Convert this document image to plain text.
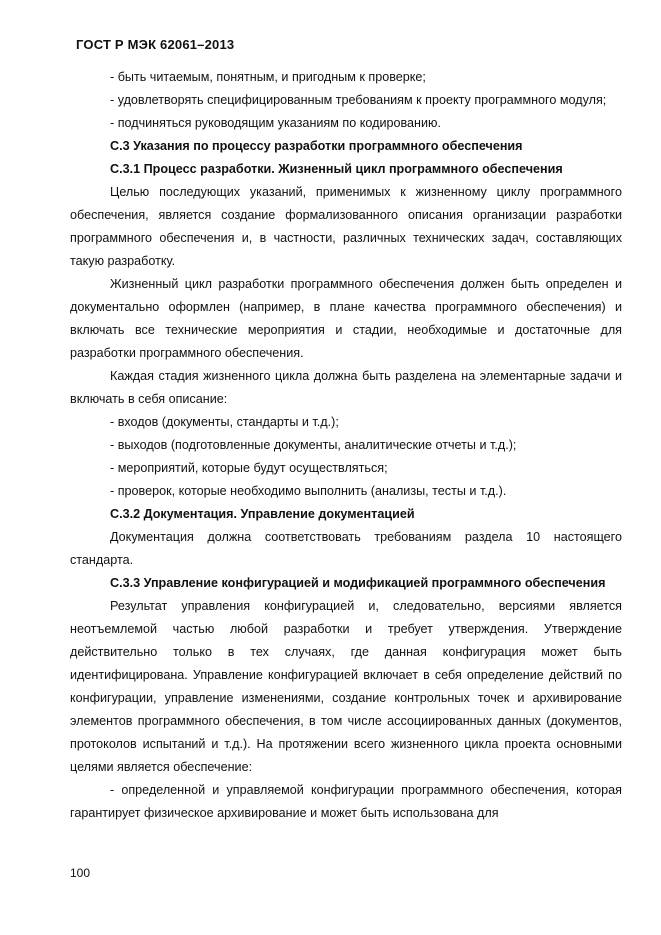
ГОСТ Р МЭК 62061–2013

- быть читаемым, понятным, и пригодным к проверке;

- удовлетворять специфицированным требованиям к проекту программного модуля;

- подчиняться руководящим указаниям по кодированию.

С.3 Указания по процессу разработки программного обеспечения
С.3.1 Процесс разработки. Жизненный цикл программного обеспечения

Целью последующих указаний, применимых к жизненному циклу программного обеспечения, является создание формализованного описания организации разработки программного обеспечения и, в частности, различных технических задач, составляющих такую разработку.

Жизненный цикл разработки программного обеспечения должен быть определен и документально оформлен (например, в плане качества программного обеспечения) и включать все технические мероприятия и стадии, необходимые и достаточные для разработки программного обеспечения.

Каждая стадия жизненного цикла должна быть разделена на элементарные задачи и включать в себя описание:

- входов (документы, стандарты и т.д.);

- выходов (подготовленные документы, аналитические отчеты и т.д.);

- мероприятий, которые будут осуществляться;

- проверок, которые необходимо выполнить (анализы, тесты и т.д.).

С.3.2 Документация. Управление документацией

Документация должна соответствовать требованиям раздела 10 настоящего стандарта.

С.3.3 Управление конфигурацией и модификацией программного обеспечения

Результат управления конфигурацией и, следовательно, версиями является неотъемлемой частью любой разработки и требует утверждения. Утверждение действительно только в тех случаях, где данная конфигурация может быть идентифицирована. Управление конфигурацией включает в себя определение действий по конфигурации, управление изменениями, создание контрольных точек и архивирование элементов программного обеспечения, в том числе ассоциированных данных (документов, протоколов испытаний и т.д.). На протяжении всего жизненного цикла проекта основными целями является обеспечение:

- определенной и управляемой конфигурации программного обеспечения, которая гарантирует физическое архивирование и может быть использована для

100
